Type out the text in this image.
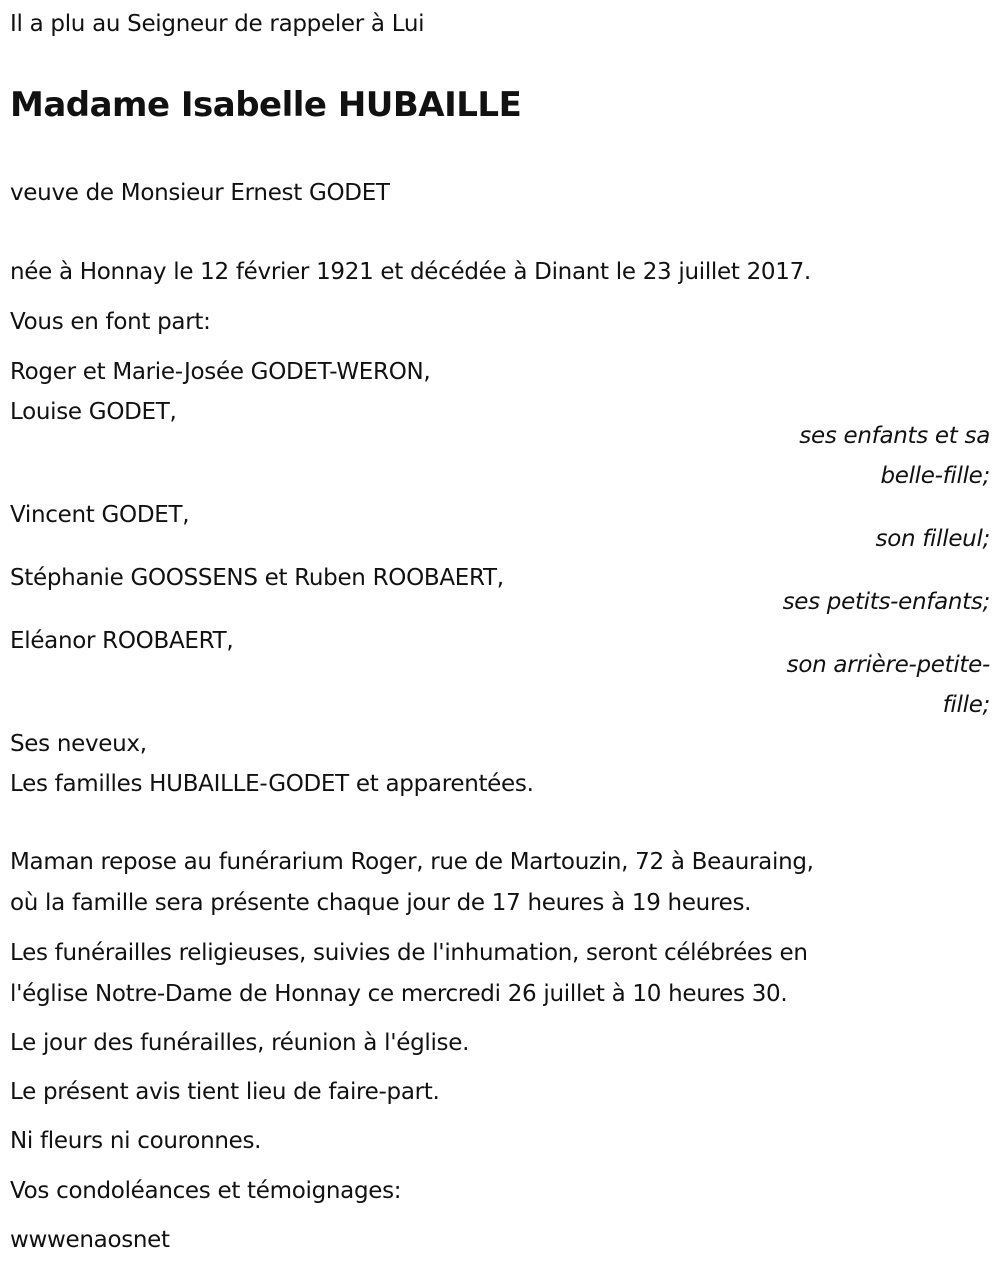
Il a plu au Seigneur de rappeler à Lui
Madame Isabelle HUBAILLE
veuve de Monsieur Ernest GODET
née à Honnay le 12 février 1921 et décédée à Dinant le 23 juillet 2017.
Vous en font part:
Roger et Marie-Josée GODET-WERON,
Louise GODET,
ses enfants et sa
belle-fille;
Vincent GODET,
son filleul;
Stéphanie GOOSSENS et Ruben ROOBAERT,
ses petits-enfants;
Eléanor ROOBAERT,
son arrière-petite-
fille;
Ses neveux,
Les familles HUBAILLE-GODET et apparentées.
Maman repose au funérarium Roger, rue de Martouzin, 72 à Beauraing,
où la famille sera présente chaque jour de 17 heures à 19 heures.
Les funérailles religieuses, suivies de l'inhumation, seront célébrées en
l'église Notre-Dame de Honnay ce mercredi 26 juillet à 10 heures 30.
Le jour des funérailles, réunion à l'église.
Le présent avis tient lieu de faire-part.
Ni fleurs ni couronnes.
Vos condoléances et témoignages:
wwwenaosnet
